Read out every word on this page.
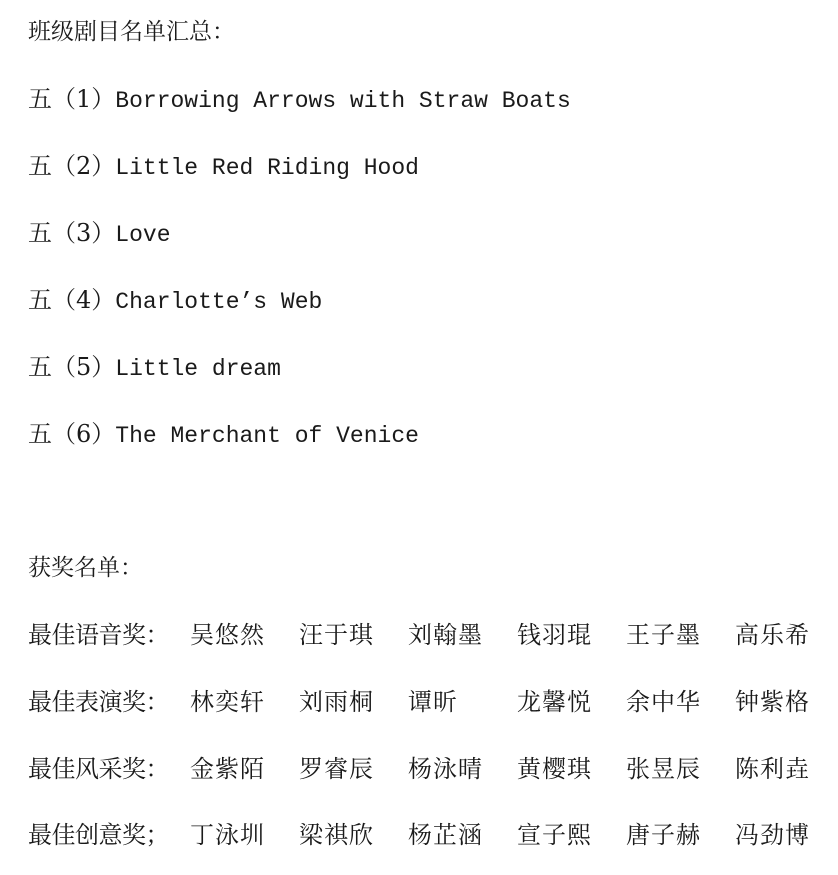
班级剧目名单汇总：
五（1）Borrowing Arrows with Straw Boats
五（2）Little Red Riding Hood
五（3）Love
五（4）Charlotte’s Web
五（5）Little dream
五（6）The Merchant of Venice
获奖名单：
最佳语音奖： 吴悠然 汪于琪 刘翰墨 钱羽琨 王子墨 高乐希
最佳表演奖： 林奕轩 刘雨桐 谭昕 龙馨悦 余中华 钟紫格
最佳风采奖： 金紫陌 罗睿辰 杨泳晴 黄樱琪 张昱辰 陈利垚
最佳创意奖； 丁泳圳 梁祺欣 杨芷涵 宣子熙 唐子赫 冯劲博
